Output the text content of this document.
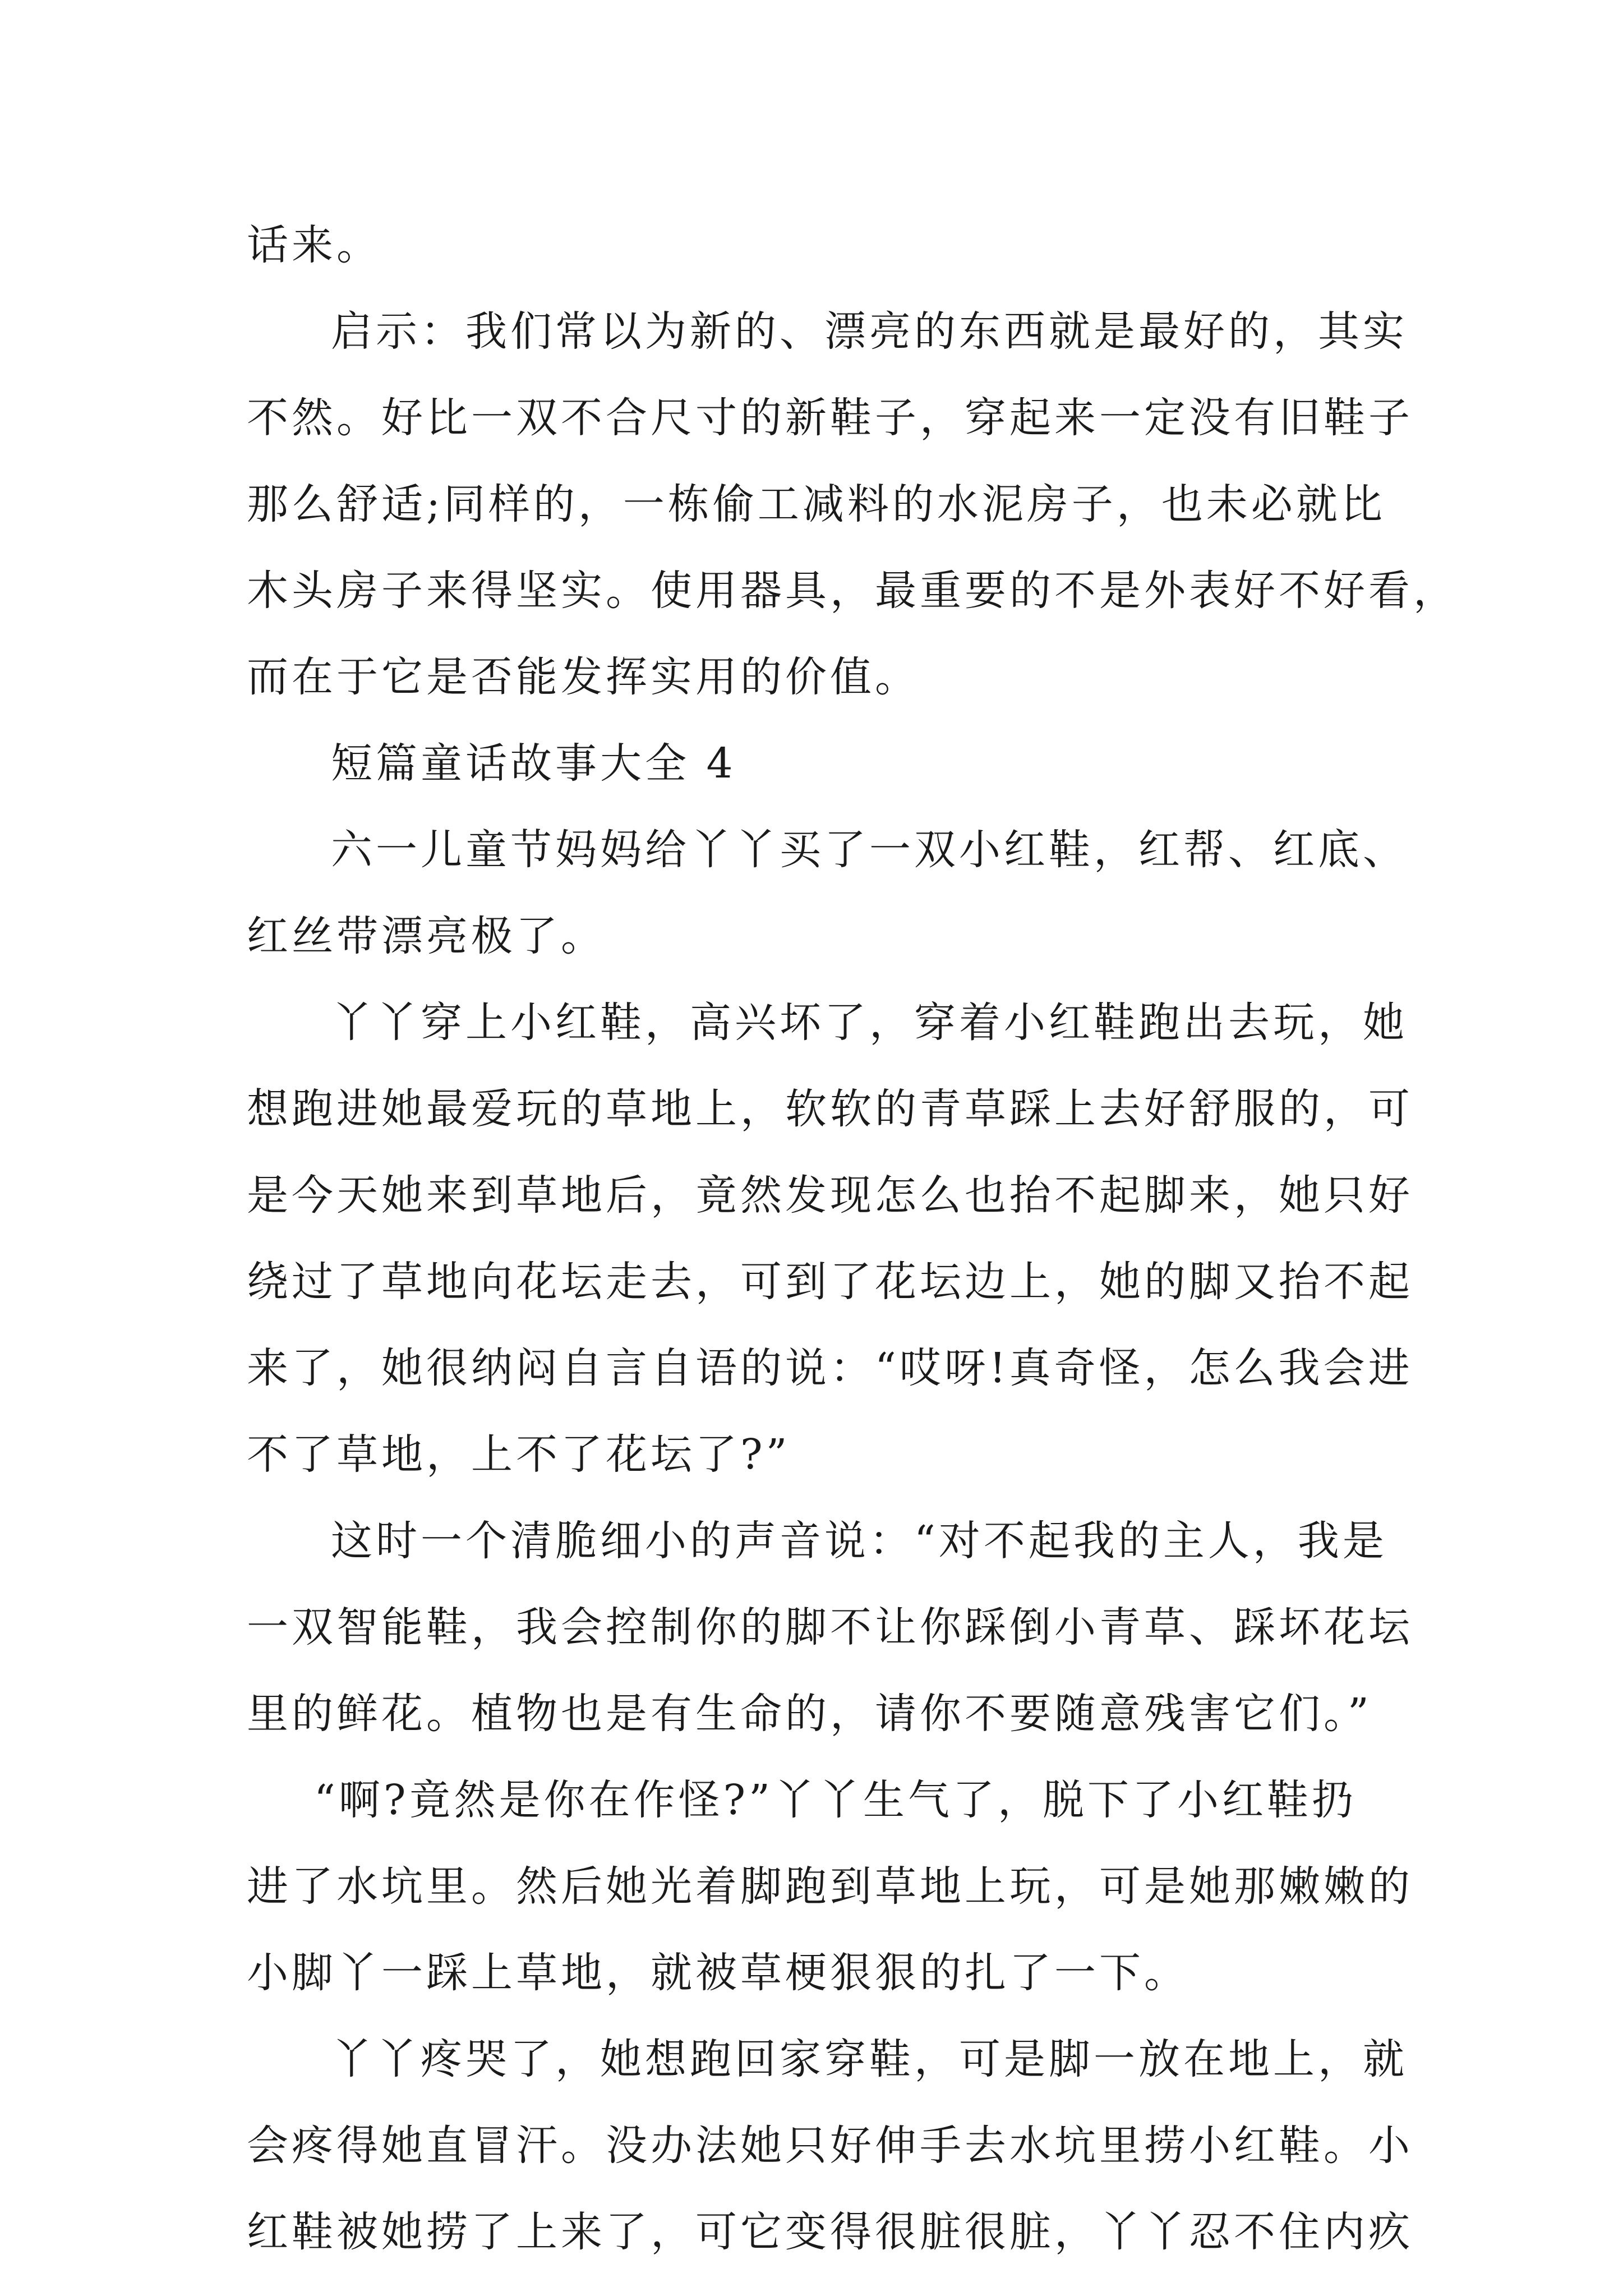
话来。
启示：我们常以为新的、漂亮的东西就是最好的，其实
不然。好比一双不合尺寸的新鞋子，穿起来一定没有旧鞋子
那么舒适;同样的，一栋偷工减料的水泥房子，也未必就比
木头房子来得坚实。使用器具，最重要的不是外表好不好看，
而在于它是否能发挥实用的价值。
短篇童话故事大全 4
六一儿童节妈妈给丫丫买了一双小红鞋，红帮、红底、
红丝带漂亮极了。
丫丫穿上小红鞋，高兴坏了，穿着小红鞋跑出去玩，她
想跑进她最爱玩的草地上，软软的青草踩上去好舒服的，可
是今天她来到草地后，竟然发现怎么也抬不起脚来，她只好
绕过了草地向花坛走去，可到了花坛边上，她的脚又抬不起
来了，她很纳闷自言自语的说：“哎呀!真奇怪，怎么我会进
不了草地，上不了花坛了?”
这时一个清脆细小的声音说：“对不起我的主人，我是
一双智能鞋，我会控制你的脚不让你踩倒小青草、踩坏花坛
里的鲜花。植物也是有生命的，请你不要随意残害它们。”
“啊?竟然是你在作怪?”丫丫生气了，脱下了小红鞋扔
进了水坑里。然后她光着脚跑到草地上玩，可是她那嫩嫩的
小脚丫一踩上草地，就被草梗狠狠的扎了一下。
丫丫疼哭了，她想跑回家穿鞋，可是脚一放在地上，就
会疼得她直冒汗。没办法她只好伸手去水坑里捞小红鞋。小
红鞋被她捞了上来了，可它变得很脏很脏，丫丫忍不住内疚
